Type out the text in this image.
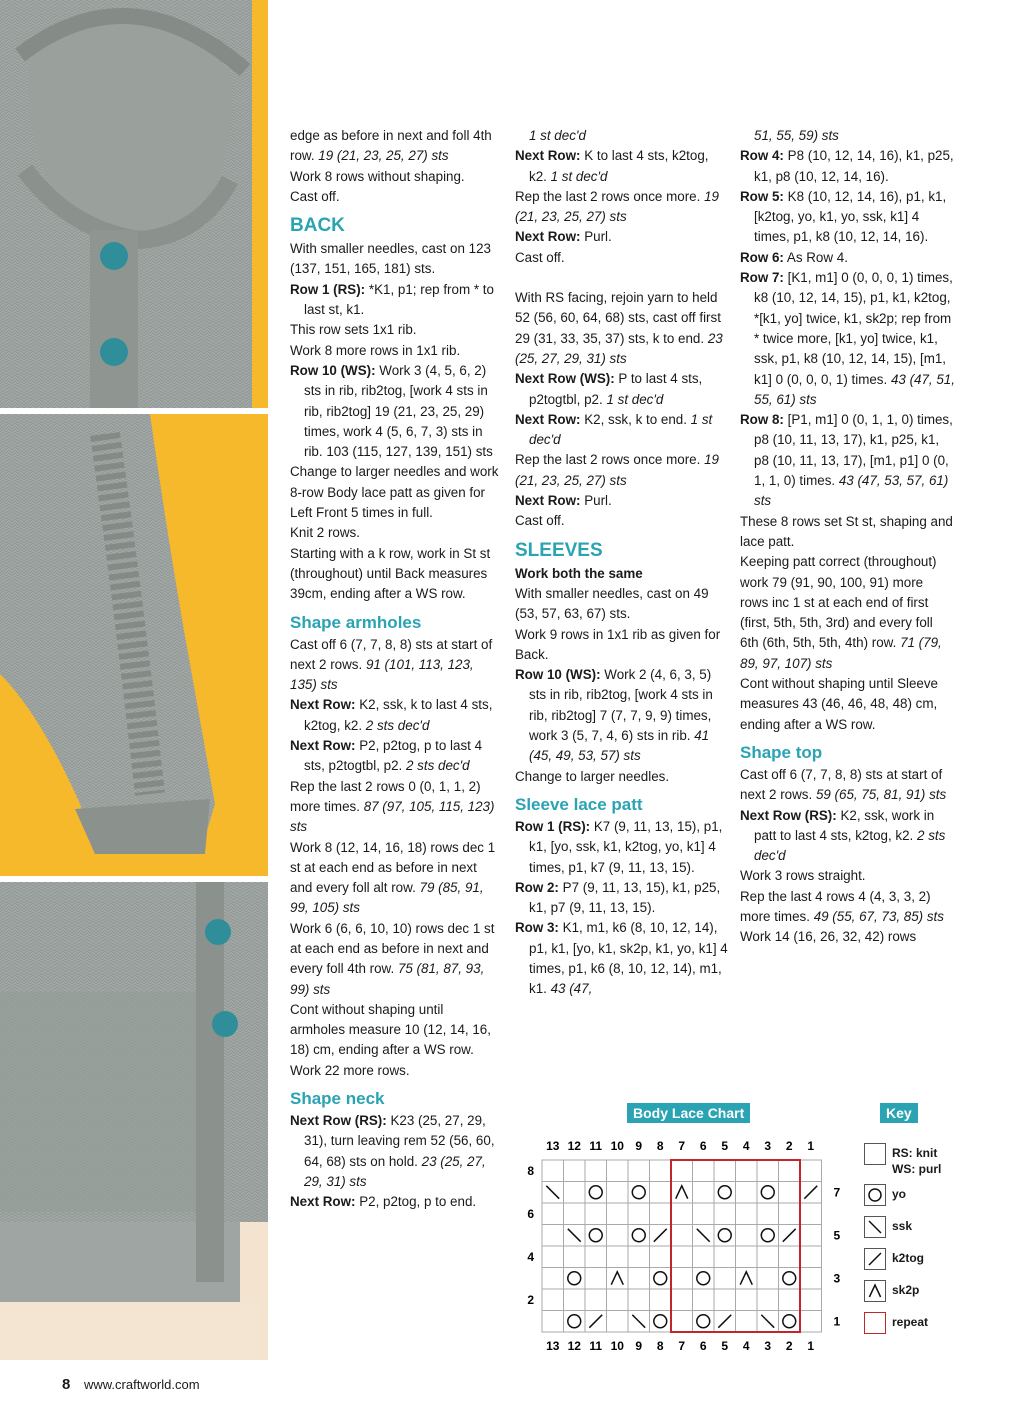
edge as before in next and foll 4th row. 19 (21, 23, 25, 27) sts

Work 8 rows without shaping.

Cast off.

BACK

With smaller needles, cast on 123 (137, 151, 165, 181) sts.

Row 1 (RS): *K1, p1; rep from * to last st, k1.

This row sets 1x1 rib.

Work 8 more rows in 1x1 rib.

Row 10 (WS): Work 3 (4, 5, 6, 2) sts in rib, rib2tog, [work 4 sts in rib, rib2tog] 19 (21, 23, 25, 29) times, work 4 (5, 6, 7, 3) sts in rib. 103 (115, 127, 139, 151) sts

Change to larger needles and work 8-row Body lace patt as given for Left Front 5 times in full.

Knit 2 rows.

Starting with a k row, work in St st (throughout) until Back measures 39cm, ending after a WS row.

Shape armholes

Cast off 6 (7, 7, 8, 8) sts at start of next 2 rows. 91 (101, 113, 123, 135) sts

Next Row: K2, ssk, k to last 4 sts, k2tog, k2. 2 sts dec'd

Next Row: P2, p2tog, p to last 4 sts, p2togtbl, p2. 2 sts dec'd

Rep the last 2 rows 0 (0, 1, 1, 2) more times. 87 (97, 105, 115, 123) sts

Work 8 (12, 14, 16, 18) rows dec 1 st at each end as before in next and every foll alt row. 79 (85, 91, 99, 105) sts

Work 6 (6, 6, 10, 10) rows dec 1 st at each end as before in next and every foll 4th row. 75 (81, 87, 93, 99) sts

Cont without shaping until armholes measure 10 (12, 14, 16, 18) cm, ending after a WS row.

Work 22 more rows.

Shape neck

Next Row (RS): K23 (25, 27, 29, 31), turn leaving rem 52 (56, 60, 64, 68) sts on hold. 23 (25, 27, 29, 31) sts

Next Row: P2, p2tog, p to end.

1 st dec'd

Next Row: K to last 4 sts, k2tog, k2. 1 st dec'd

Rep the last 2 rows once more. 19 (21, 23, 25, 27) sts

Next Row: Purl.

Cast off.

With RS facing, rejoin yarn to held 52 (56, 60, 64, 68) sts, cast off first 29 (31, 33, 35, 37) sts, k to end. 23 (25, 27, 29, 31) sts

Next Row (WS): P to last 4 sts, p2togtbl, p2. 1 st dec'd

Next Row: K2, ssk, k to end. 1 st dec'd

Rep the last 2 rows once more. 19 (21, 23, 25, 27) sts

Next Row: Purl.

Cast off.

SLEEVES

Work both the same

With smaller needles, cast on 49 (53, 57, 63, 67) sts.

Work 9 rows in 1x1 rib as given for Back.

Row 10 (WS): Work 2 (4, 6, 3, 5) sts in rib, rib2tog, [work 4 sts in rib, rib2tog] 7 (7, 7, 9, 9) times, work 3 (5, 7, 4, 6) sts in rib. 41 (45, 49, 53, 57) sts

Change to larger needles.

Sleeve lace patt

Row 1 (RS): K7 (9, 11, 13, 15), p1, k1, [yo, ssk, k1, k2tog, yo, k1] 4 times, p1, k7 (9, 11, 13, 15).

Row 2: P7 (9, 11, 13, 15), k1, p25, k1, p7 (9, 11, 13, 15).

Row 3: K1, m1, k6 (8, 10, 12, 14), p1, k1, [yo, k1, sk2p, k1, yo, k1] 4 times, p1, k6 (8, 10, 12, 14), m1, k1. 43 (47,

51, 55, 59) sts

Row 4: P8 (10, 12, 14, 16), k1, p25, k1, p8 (10, 12, 14, 16).

Row 5: K8 (10, 12, 14, 16), p1, k1, [k2tog, yo, k1, yo, ssk, k1] 4 times, p1, k8 (10, 12, 14, 16).

Row 6: As Row 4.

Row 7: [K1, m1] 0 (0, 0, 0, 1) times, k8 (10, 12, 14, 15), p1, k1, k2tog, *[k1, yo] twice, k1, sk2p; rep from * twice more, [k1, yo] twice, k1, ssk, p1, k8 (10, 12, 14, 15), [m1, k1] 0 (0, 0, 0, 1) times. 43 (47, 51, 55, 61) sts

Row 8: [P1, m1] 0 (0, 1, 1, 0) times, p8 (10, 11, 13, 17), k1, p25, k1, p8 (10, 11, 13, 17), [m1, p1] 0 (0, 1, 1, 0) times. 43 (47, 53, 57, 61) sts

These 8 rows set St st, shaping and lace patt.

Keeping patt correct (throughout) work 79 (91, 90, 100, 91) more rows inc 1 st at each end of first (first, 5th, 5th, 3rd) and every foll 6th (6th, 5th, 5th, 4th) row. 71 (79, 89, 97, 107) sts

Cont without shaping until Sleeve measures 43 (46, 46, 48, 48) cm, ending after a WS row.

Shape top

Cast off 6 (7, 7, 8, 8) sts at start of next 2 rows. 59 (65, 75, 81, 91) sts

Next Row (RS): K2, ssk, work in patt to last 4 sts, k2tog, k2. 2 sts dec'd

Work 3 rows straight.

Rep the last 4 rows 4 (4, 3, 3, 2) more times. 49 (55, 67, 73, 85) sts

Work 14 (16, 26, 32, 42) rows

Body Lace Chart
13
13
12
12
11
11
10
10
9
9
8
8
7
7
6
6
5
5
4
4
3
3
2
2
1
1
8
6
4
2
7
5
3
1
Key
RS: knit
WS: purl
yo
ssk
k2tog
sk2p
repeat
8 www.craftworld.com
